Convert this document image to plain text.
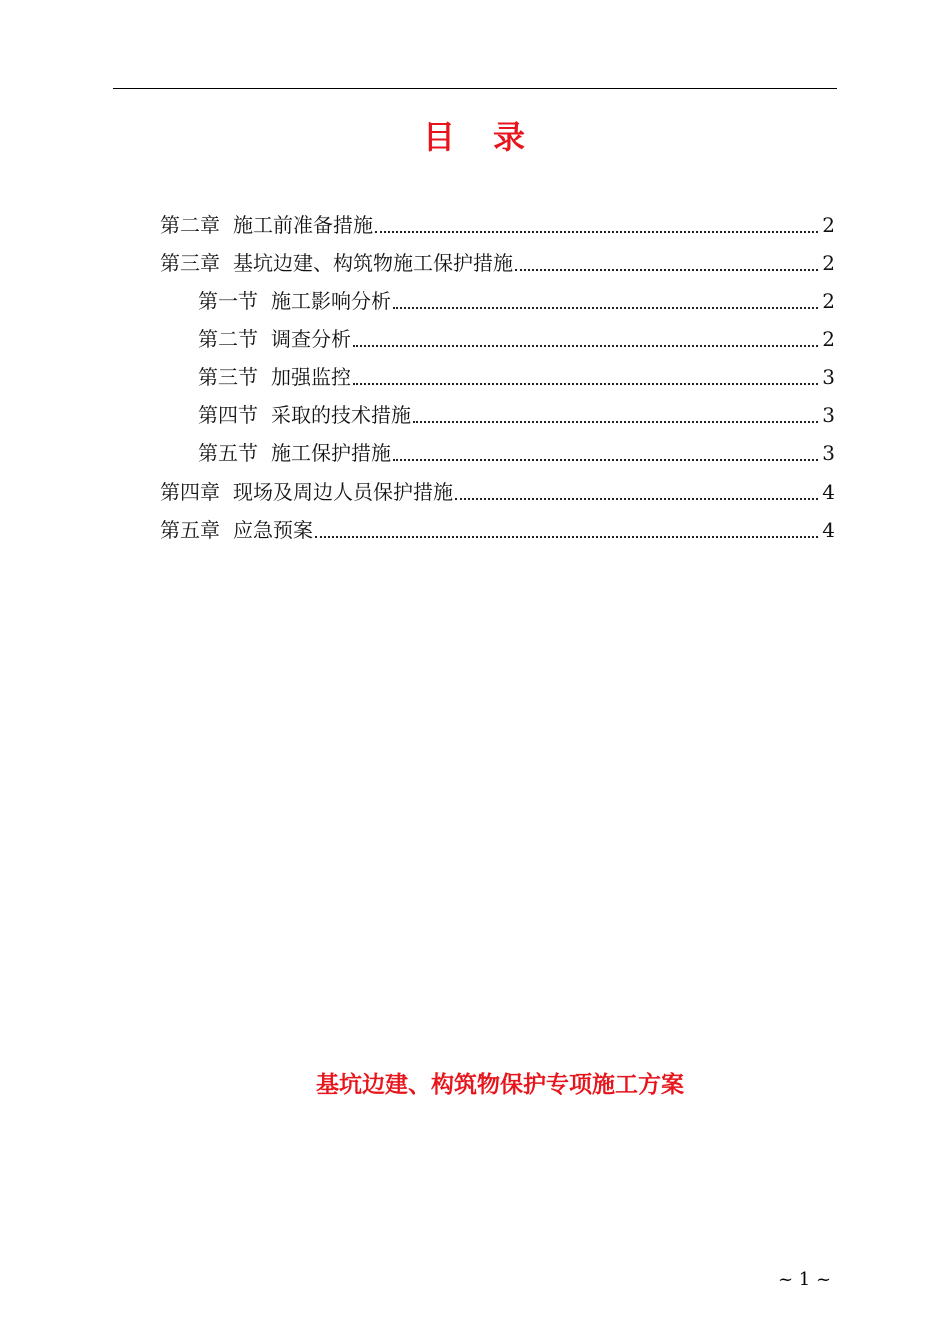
目 录
第二章 施工前准备措施	2
第三章 基坑边建、构筑物施工保护措施	2
第一节 施工影响分析	2
第二节 调查分析	2
第三节 加强监控	3
第四节 采取的技术措施	3
第五节 施工保护措施	3
第四章 现场及周边人员保护措施	4
第五章 应急预案	4
基坑边建、构筑物保护专项施工方案
~ 1 ~
